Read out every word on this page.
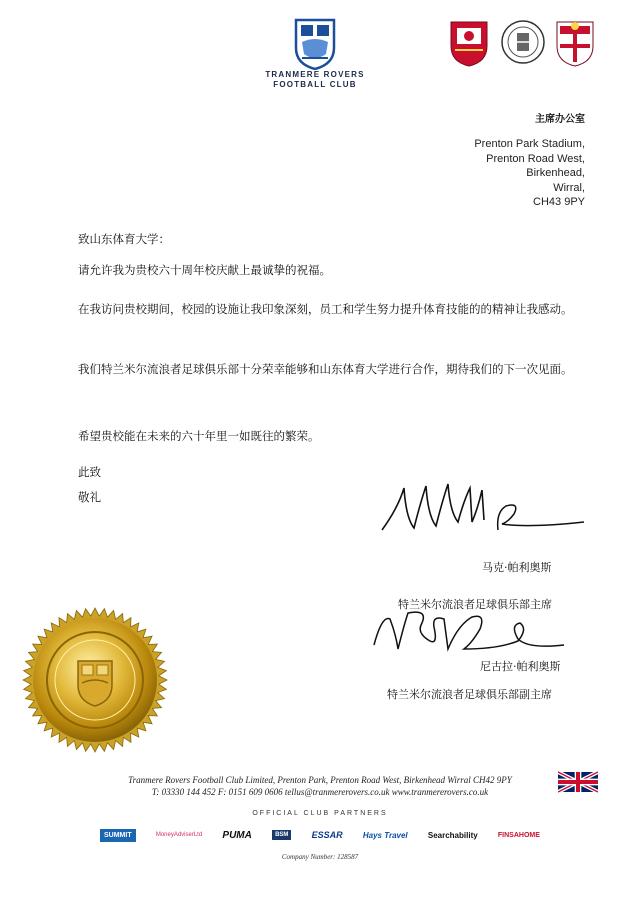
TRANMERE ROVERS
FOOTBALL CLUB
主席办公室
Prenton Park Stadium,
Prenton Road West,
Birkenhead,
Wirral,
CH43 9PY
致山东体育大学：
请允许我为贵校六十周年校庆献上最诚挚的祝福。
在我访问贵校期间，校园的设施让我印象深刻，员工和学生努力提升体育技能的的精神让我感动。
我们特兰米尔流浪者足球俱乐部十分荣幸能够和山东体育大学进行合作，期待我们的下一次见面。
希望贵校能在未来的六十年里一如既往的繁荣。
此致
敬礼
马克·帕利奥斯
特兰米尔流浪者足球俱乐部主席
尼古拉·帕利奥斯
特兰米尔流浪者足球俱乐部副主席
Tranmere Rovers Football Club Limited, Prenton Park, Prenton Road West, Birkenhead Wirral CH42 9PY
T: 03330 144 452 F: 0151 609 0606 tellus@tranmererovers.co.uk www.tranmererovers.co.uk
OFFICIAL CLUB PARTNERS
SUMMIT	MoneyAdviserLtd PUMA	BSM	ESSAR	Hays Travel	Searchability	FINSAHOME
Company Number: 128587
